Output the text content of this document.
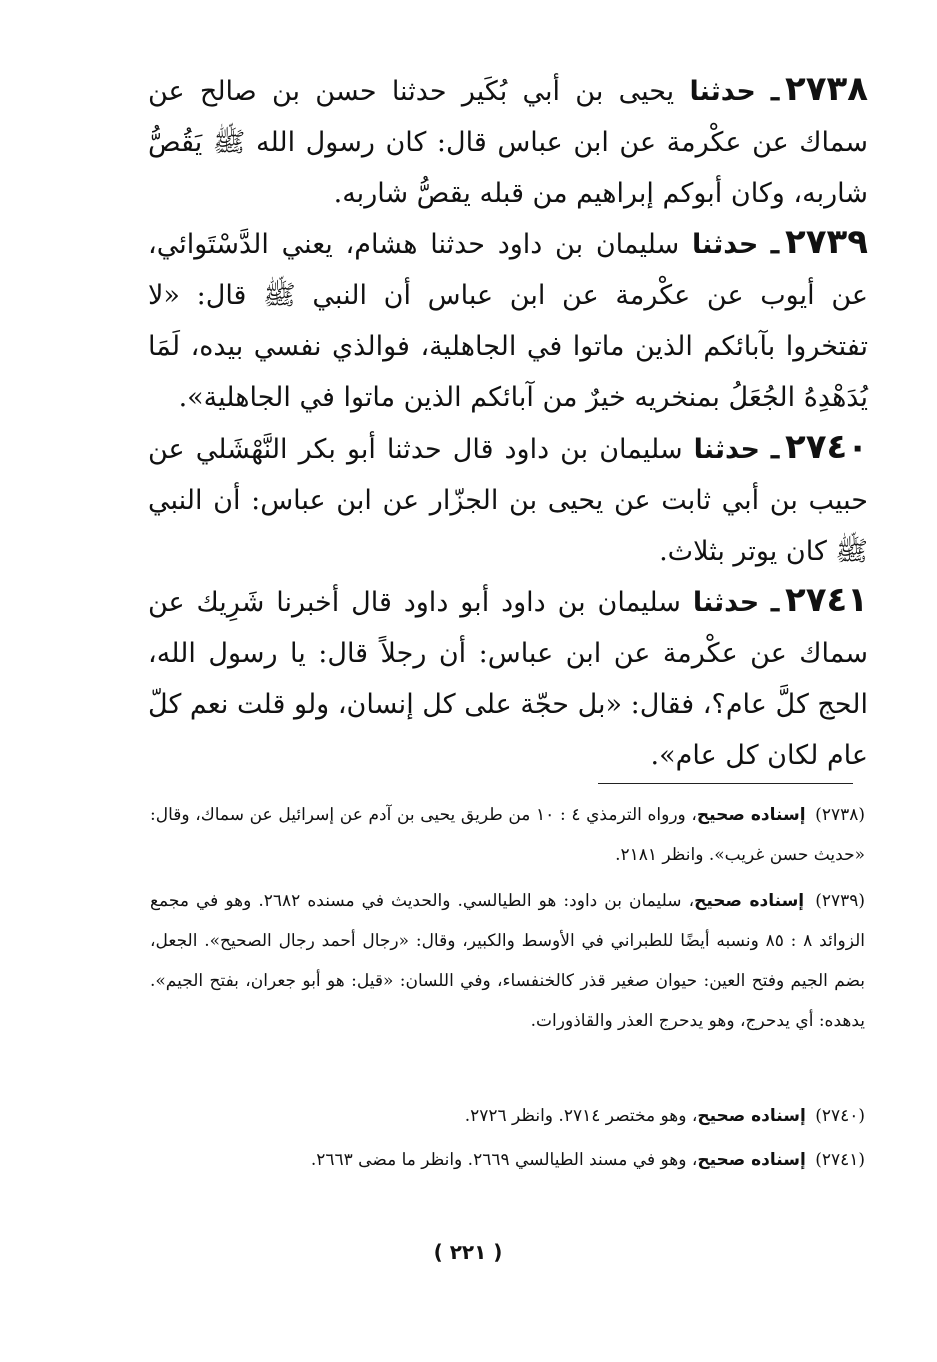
٢٧٣٨ـ حدثنا يحيى بن أبي بُكَير حدثنا حسن بن صالح عن سماك عن عكْرمة عن ابن عباس قال: كان رسول الله ﷺ يَقُصُّ شاربه، وكان أبوكم إبراهيم من قبله يقصُّ شاربه.
٢٧٣٩ـ حدثنا سليمان بن داود حدثنا هشام، يعني الدَّسْتَوائي، عن أيوب عن عكْرمة عن ابن عباس أن النبي ﷺ قال: «لا تفتخروا بآبائكم الذين ماتوا في الجاهلية، فوالذي نفسي بيده، لَمَا يُدَهْدِهُ الجُعَلُ بمنخريه خيرٌ من آبائكم الذين ماتوا في الجاهلية».
٢٧٤٠ـ حدثنا سليمان بن داود قال حدثنا أبو بكر النَّهْشَلي عن حبيب بن أبي ثابت عن يحيى بن الجزّار عن ابن عباس: أن النبي ﷺ كان يوتر بثلاث.
٢٧٤١ـ حدثنا سليمان بن داود أبو داود قال أخبرنا شَرِيك عن سماك عن عكْرمة عن ابن عباس: أن رجلاً قال: يا رسول الله، الحج كلَّ عام؟، فقال: «بل حجّة على كل إنسان، ولو قلت نعم كلّ عام لكان كل عام».
(٢٧٣٨) إسناده صحيح، ورواه الترمذي ٤ : ١٠ من طريق يحيى بن آدم عن إسرائيل عن سماك، وقال: «حديث حسن غريب». وانظر ٢١٨١.
(٢٧٣٩) إسناده صحيح، سليمان بن داود: هو الطيالسي. والحديث في مسنده ٢٦٨٢. وهو في مجمع الزوائد ٨ : ٨٥ ونسبه أيضًا للطبراني في الأوسط والكبير، وقال: «رجال أحمد رجال الصحيح». الجعل، بضم الجيم وفتح العين: حيوان صغير قذر كالخنفساء، وفي اللسان: «قيل: هو أبو جعران، بفتح الجيم». يدهده: أي يدحرج، وهو يدحرج العذر والقاذورات.
(٢٧٤٠) إسناده صحيح، وهو مختصر ٢٧١٤. وانظر ٢٧٢٦.
(٢٧٤١) إسناده صحيح، وهو في مسند الطيالسي ٢٦٦٩. وانظر ما مضى ٢٦٦٣.
( ٢٢١ )
